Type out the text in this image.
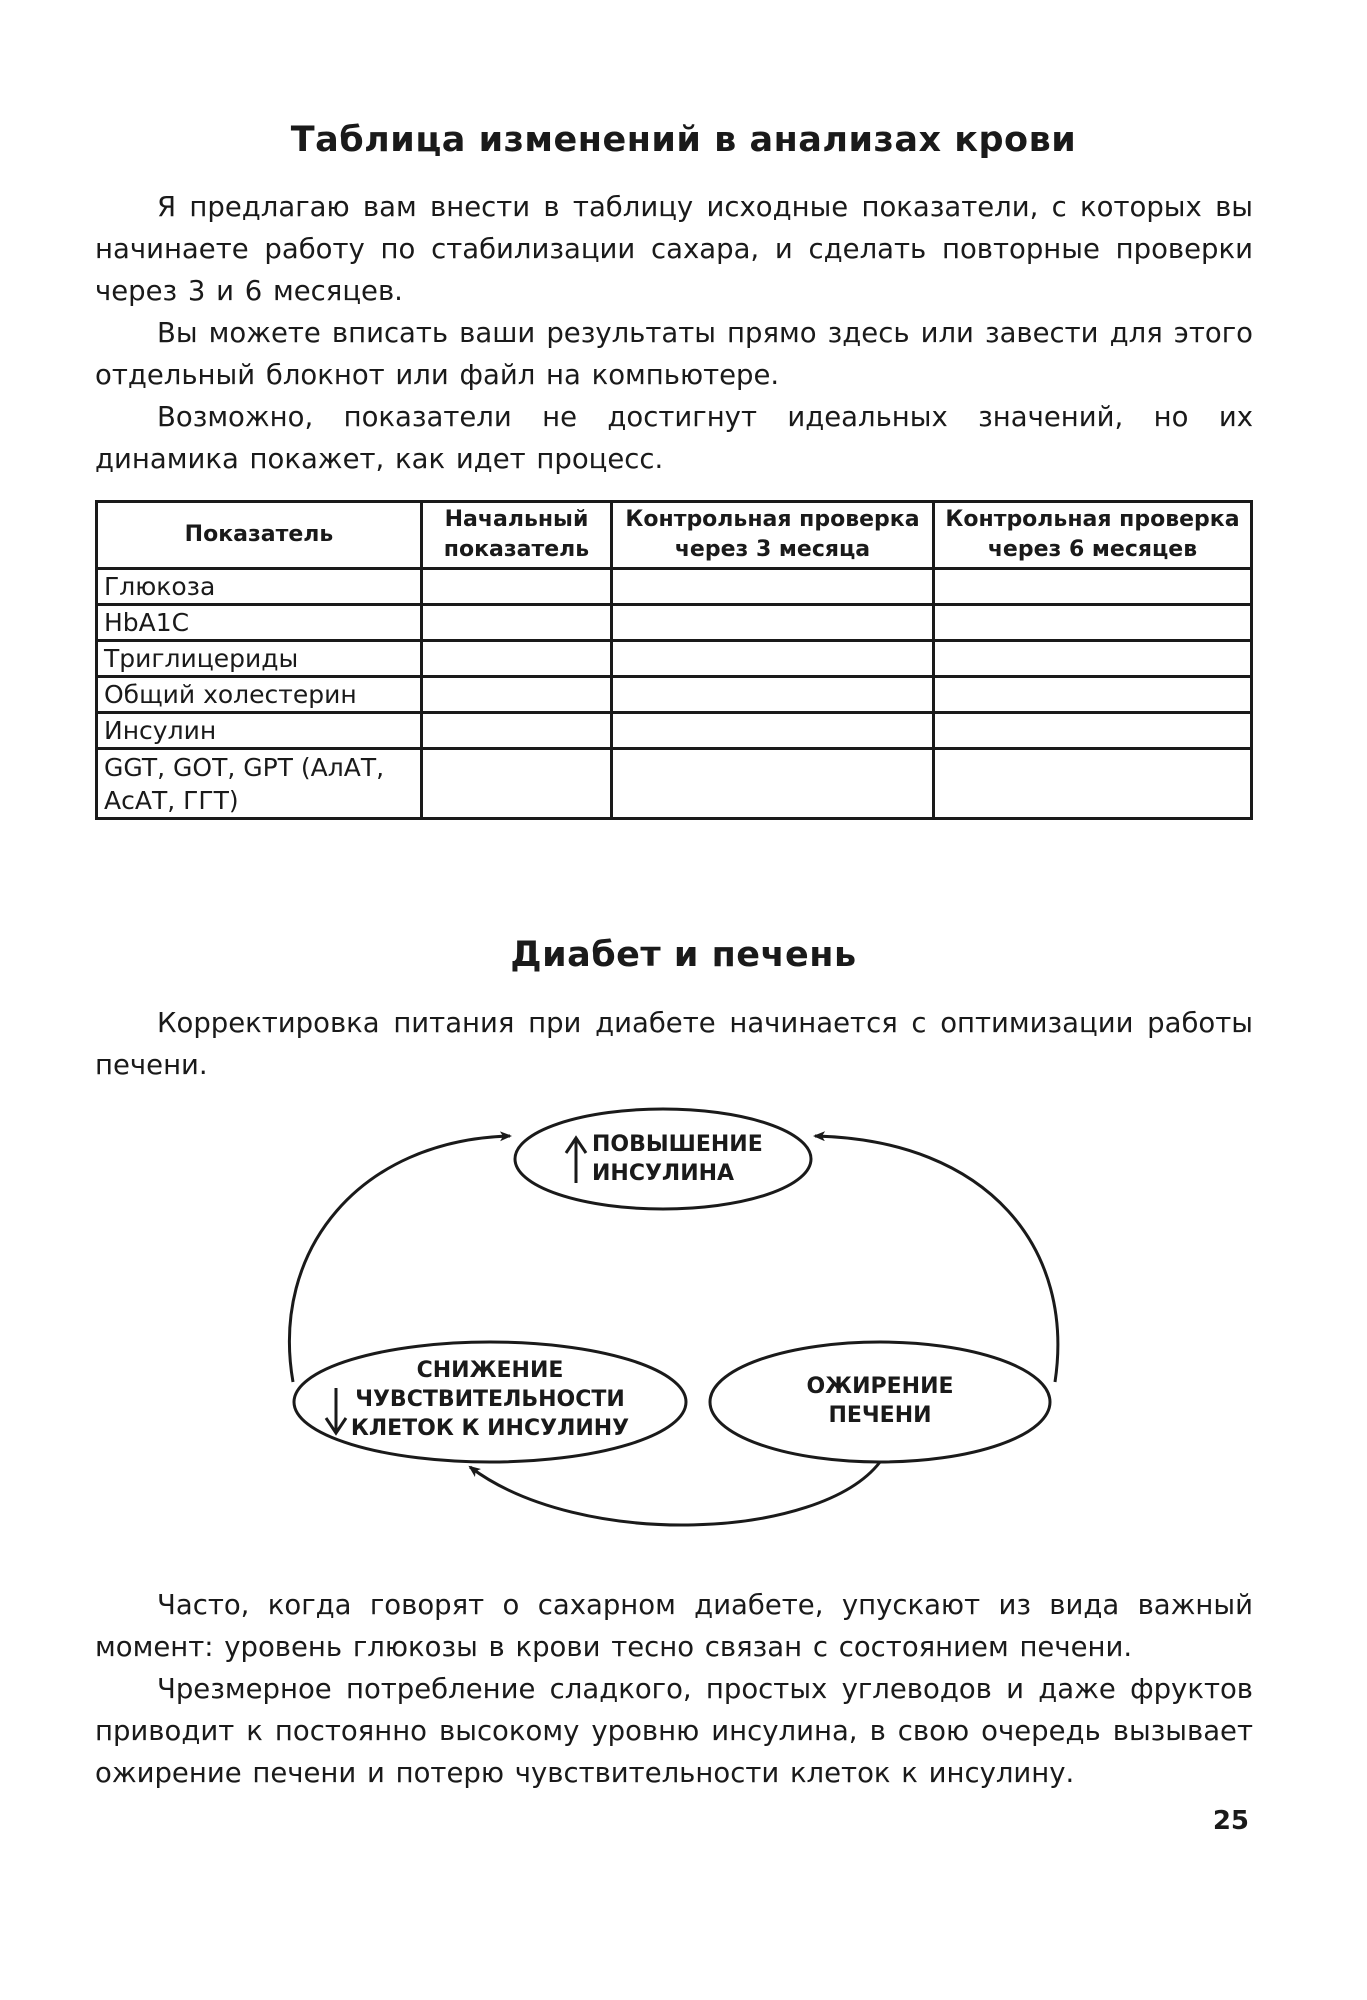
Таблица изменений в анализах крови

Я предлагаю вам внести в таблицу исходные показатели, с которых вы начинаете работу по стабилизации сахара, и сделать повторные проверки через 3 и 6 месяцев.

Вы можете вписать ваши результаты прямо здесь или завести для этого отдельный блокнот или файл на компьютере.

Возможно, показатели не достигнут идеальных значений, но их динамика покажет, как идет процесс.

Показатель	Начальный показатель	Контрольная проверка через 3 месяца	Контрольная проверка через 6 месяцев
Глюкоза			
HbA1C			
Триглицериды			
Общий холестерин			
Инсулин			
GGT, GOT, GPT (АлАТ, АсАТ, ГГТ)			
Диабет и печень

Корректировка питания при диабете начинается с оптимизации работы печени.

ПОВЫШЕНИЕ ИНСУЛИНА
СНИЖЕНИЕ
ЧУВСТВИТЕЛЬНОСТИ
КЛЕТОК К ИНСУЛИНУ
ОЖИРЕНИЕ ПЕЧЕНИ

Часто, когда говорят о сахарном диабете, упускают из вида важный момент: уровень глюкозы в крови тесно связан с состоянием печени.

Чрезмерное потребление сладкого, простых углеводов и даже фруктов приводит к постоянно высокому уровню инсулина, в свою очередь вызывает ожирение печени и потерю чувствительности клеток к инсулину.

25
